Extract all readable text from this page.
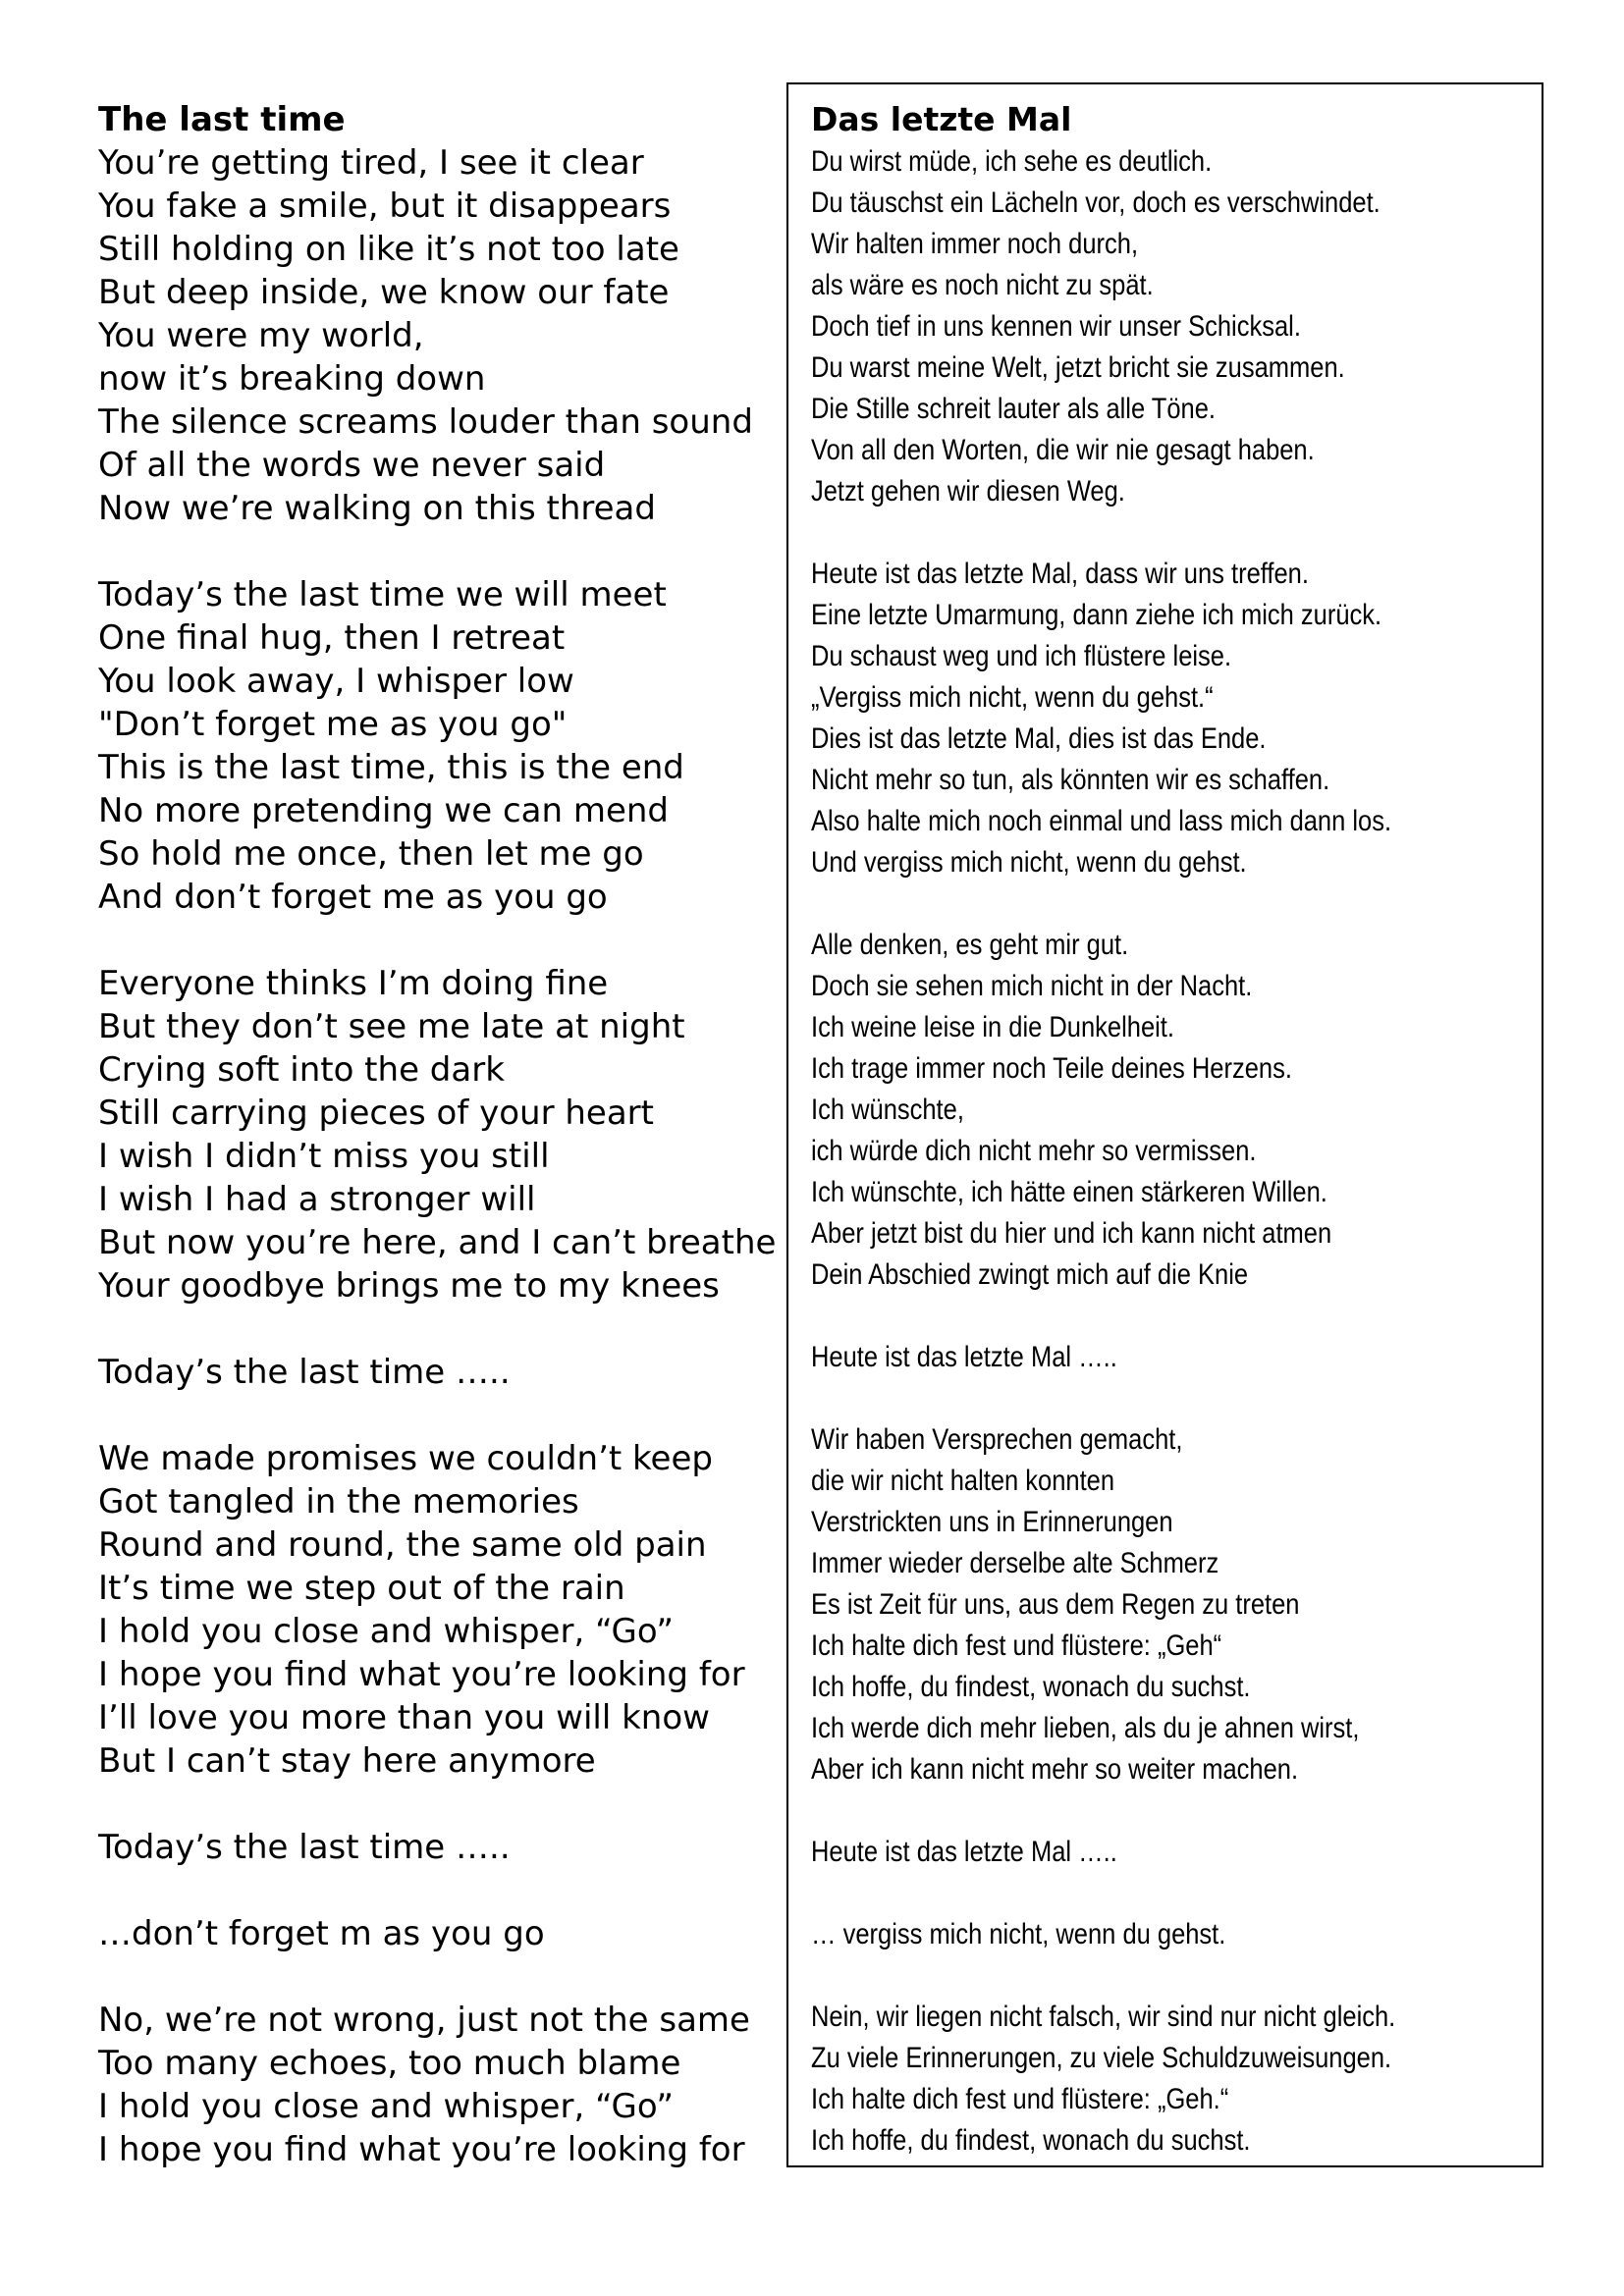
The last time
You’re getting tired, I see it clear
You fake a smile, but it disappears
Still holding on like it’s not too late
But deep inside, we know our fate
You were my world,
now it’s breaking down
The silence screams louder than sound
Of all the words we never said
Now we’re walking on this thread
Today’s the last time we will meet
One final hug, then I retreat
You look away, I whisper low
"Don’t forget me as you go"
This is the last time, this is the end
No more pretending we can mend
So hold me once, then let me go
And don’t forget me as you go
Everyone thinks I’m doing fine
But they don’t see me late at night
Crying soft into the dark
Still carrying pieces of your heart
I wish I didn’t miss you still
I wish I had a stronger will
But now you’re here, and I can’t breathe
Your goodbye brings me to my knees
Today’s the last time …..
We made promises we couldn’t keep
Got tangled in the memories
Round and round, the same old pain
It’s time we step out of the rain
I hold you close and whisper, “Go”
I hope you find what you’re looking for
I’ll love you more than you will know
But I can’t stay here anymore
Today’s the last time …..
…don’t forget m as you go
No, we’re not wrong, just not the same
Too many echoes, too much blame
I hold you close and whisper, “Go”
I hope you find what you’re looking for
Das letzte Mal
Du wirst müde, ich sehe es deutlich.
Du täuschst ein Lächeln vor, doch es verschwindet.
Wir halten immer noch durch,
als wäre es noch nicht zu spät.
Doch tief in uns kennen wir unser Schicksal.
Du warst meine Welt, jetzt bricht sie zusammen.
Die Stille schreit lauter als alle Töne.
Von all den Worten, die wir nie gesagt haben.
Jetzt gehen wir diesen Weg.
Heute ist das letzte Mal, dass wir uns treffen.
Eine letzte Umarmung, dann ziehe ich mich zurück.
Du schaust weg und ich flüstere leise.
„Vergiss mich nicht, wenn du gehst.“
Dies ist das letzte Mal, dies ist das Ende.
Nicht mehr so tun, als könnten wir es schaffen.
Also halte mich noch einmal und lass mich dann los.
Und vergiss mich nicht, wenn du gehst.
Alle denken, es geht mir gut.
Doch sie sehen mich nicht in der Nacht.
Ich weine leise in die Dunkelheit.
Ich trage immer noch Teile deines Herzens.
Ich wünschte,
ich würde dich nicht mehr so vermissen.
Ich wünschte, ich hätte einen stärkeren Willen.
Aber jetzt bist du hier und ich kann nicht atmen
Dein Abschied zwingt mich auf die Knie
Heute ist das letzte Mal …..
Wir haben Versprechen gemacht,
die wir nicht halten konnten
Verstrickten uns in Erinnerungen
Immer wieder derselbe alte Schmerz
Es ist Zeit für uns, aus dem Regen zu treten
Ich halte dich fest und flüstere: „Geh“
Ich hoffe, du findest, wonach du suchst.
Ich werde dich mehr lieben, als du je ahnen wirst,
Aber ich kann nicht mehr so weiter machen.
Heute ist das letzte Mal …..
… vergiss mich nicht, wenn du gehst.
Nein, wir liegen nicht falsch, wir sind nur nicht gleich.
Zu viele Erinnerungen, zu viele Schuldzuweisungen.
Ich halte dich fest und flüstere: „Geh.“
Ich hoffe, du findest, wonach du suchst.
